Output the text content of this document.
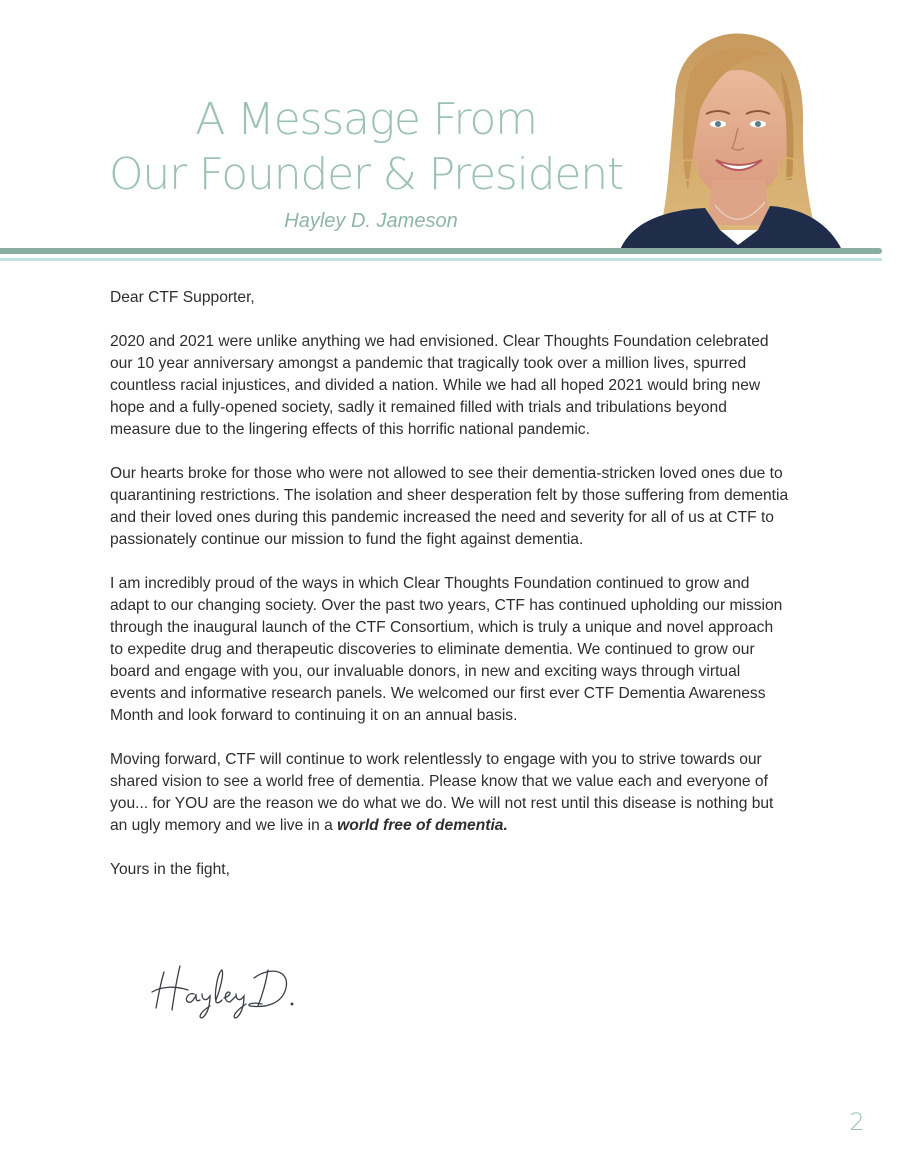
A Message From
Our Founder & President
Hayley D. Jameson

Dear CTF Supporter,

2020 and 2021 were unlike anything we had envisioned. Clear Thoughts Foundation celebrated our 10 year anniversary amongst a pandemic that tragically took over a million lives, spurred countless racial injustices, and divided a nation. While we had all hoped 2021 would bring new hope and a fully-opened society, sadly it remained filled with trials and tribulations beyond measure due to the lingering effects of this horrific national pandemic.

Our hearts broke for those who were not allowed to see their dementia-stricken loved ones due to quarantining restrictions. The isolation and sheer desperation felt by those suffering from dementia and their loved ones during this pandemic increased the need and severity for all of us at CTF to passionately continue our mission to fund the fight against dementia.

I am incredibly proud of the ways in which Clear Thoughts Foundation continued to grow and adapt to our changing society. Over the past two years, CTF has continued upholding our mission through the inaugural launch of the CTF Consortium, which is truly a unique and novel approach to expedite drug and therapeutic discoveries to eliminate dementia. We continued to grow our board and engage with you, our invaluable donors, in new and exciting ways through virtual events and informative research panels. We welcomed our first ever CTF Dementia Awareness Month and look forward to continuing it on an annual basis.

Moving forward, CTF will continue to work relentlessly to engage with you to strive towards our shared vision to see a world free of dementia. Please know that we value each and everyone of you... for YOU are the reason we do what we do. We will not rest until this disease is nothing but an ugly memory and we live in a world free of dementia.

Yours in the fight,

2
